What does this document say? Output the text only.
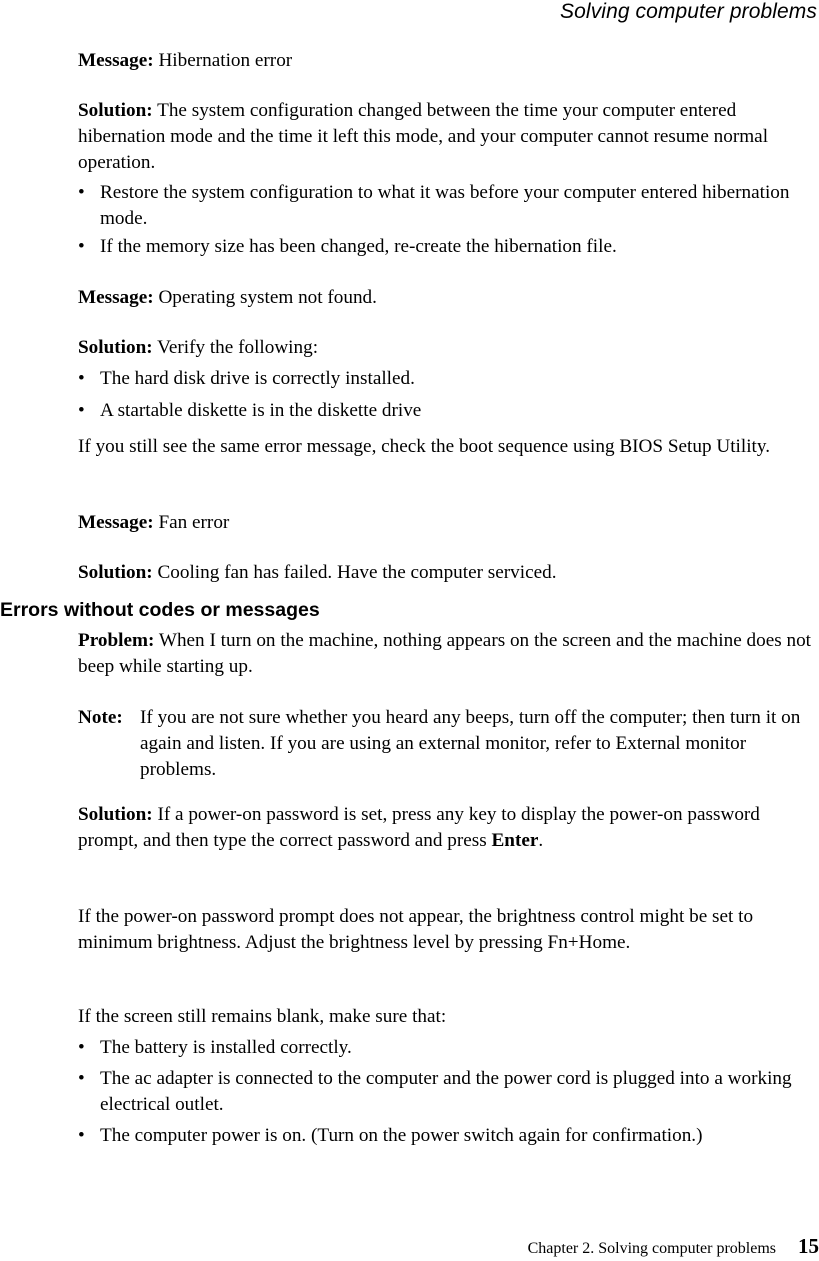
Solving computer problems
Message: Hibernation error
Solution: The system configuration changed between the time your computer entered hibernation mode and the time it left this mode, and your computer cannot resume normal operation.
• Restore the system configuration to what it was before your computer entered hibernation mode.
• If the memory size has been changed, re-create the hibernation file.
Message: Operating system not found.
Solution: Verify the following:
• The hard disk drive is correctly installed.
• A startable diskette is in the diskette drive
If you still see the same error message, check the boot sequence using BIOS Setup Utility.
Message: Fan error
Solution: Cooling fan has failed. Have the computer serviced.
Errors without codes or messages
Problem: When I turn on the machine, nothing appears on the screen and the machine does not beep while starting up.
Note: If you are not sure whether you heard any beeps, turn off the computer; then turn it on again and listen. If you are using an external monitor, refer to External monitor problems.
Solution: If a power-on password is set, press any key to display the power-on password prompt, and then type the correct password and press Enter.
If the power-on password prompt does not appear, the brightness control might be set to minimum brightness. Adjust the brightness level by pressing Fn+Home.
If the screen still remains blank, make sure that:
• The battery is installed correctly.
• The ac adapter is connected to the computer and the power cord is plugged into a working electrical outlet.
• The computer power is on. (Turn on the power switch again for confirmation.)
Chapter 2. Solving computer problems 15
